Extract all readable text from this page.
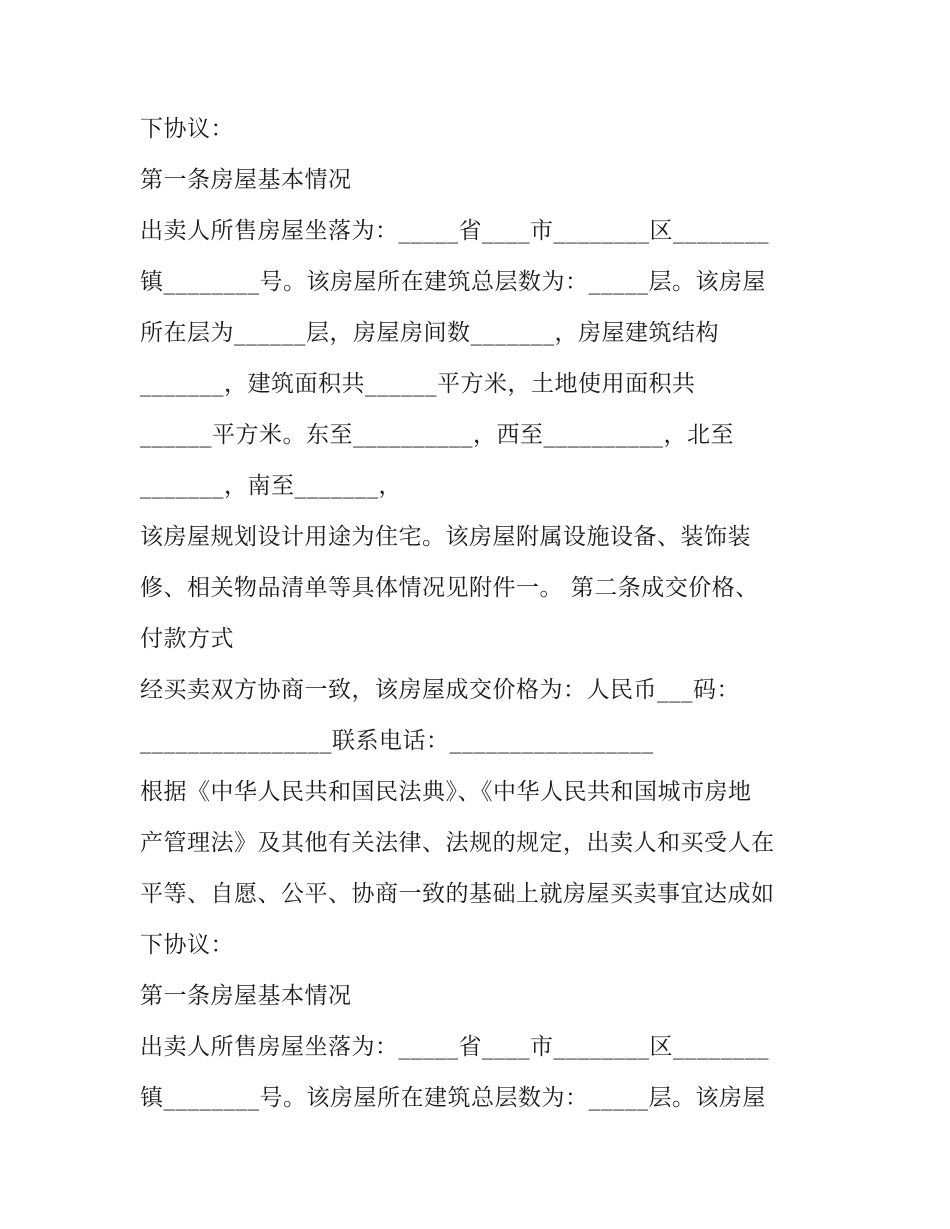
下协议：

第一条房屋基本情况

出卖人所售房屋坐落为：_____省____市________区________

镇________号。该房屋所在建筑总层数为：_____层。该房屋

所在层为______层，房屋房间数_______，房屋建筑结构

_______，建筑面积共______平方米，土地使用面积共

______平方米。东至__________，西至__________，北至

_______，南至_______，

该房屋规划设计用途为住宅。该房屋附属设施设备、装饰装

修、相关物品清单等具体情况见附件一。 第二条成交价格、

付款方式

经买卖双方协商一致，该房屋成交价格为：人民币___码：

________________联系电话：_________________

根据《中华人民共和国民法典》、《中华人民共和国城市房地

产管理法》及其他有关法律、法规的规定，出卖人和买受人在

平等、自愿、公平、协商一致的基础上就房屋买卖事宜达成如

下协议：

第一条房屋基本情况

出卖人所售房屋坐落为：_____省____市________区________

镇________号。该房屋所在建筑总层数为：_____层。该房屋
